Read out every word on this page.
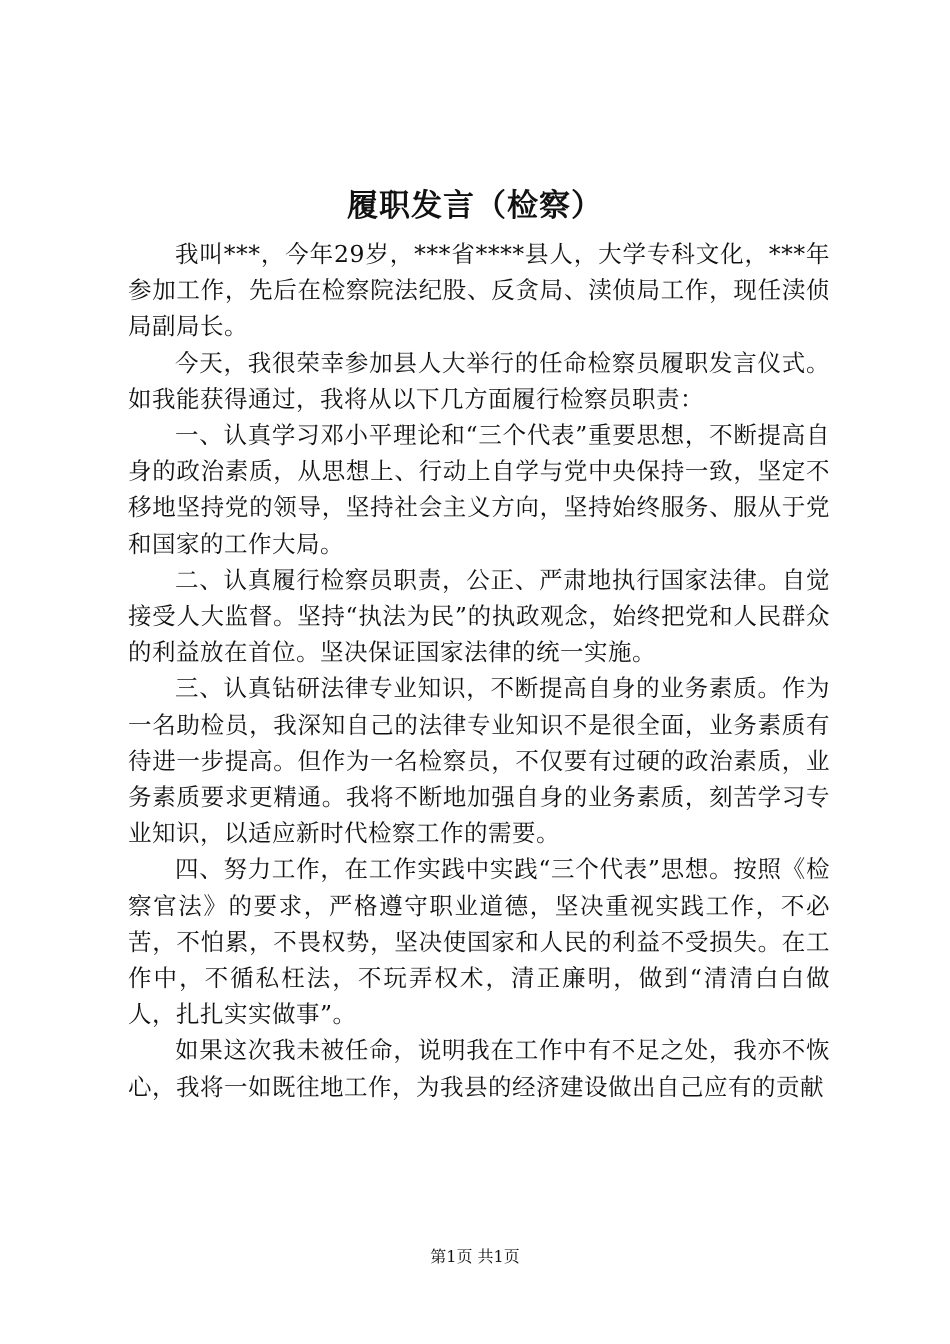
履职发言（检察）

我叫***，今年29岁，***省****县人，大学专科文化，***年参加工作，先后在检察院法纪股、反贪局、渎侦局工作，现任渎侦局副局长。

今天，我很荣幸参加县人大举行的任命检察员履职发言仪式。如我能获得通过，我将从以下几方面履行检察员职责：

一、认真学习邓小平理论和“三个代表”重要思想，不断提高自身的政治素质，从思想上、行动上自学与党中央保持一致，坚定不移地坚持党的领导，坚持社会主义方向，坚持始终服务、服从于党和国家的工作大局。

二、认真履行检察员职责，公正、严肃地执行国家法律。自觉接受人大监督。坚持“执法为民”的执政观念，始终把党和人民群众的利益放在首位。坚决保证国家法律的统一实施。

三、认真钻研法律专业知识，不断提高自身的业务素质。作为一名助检员，我深知自己的法律专业知识不是很全面，业务素质有待进一步提高。但作为一名检察员，不仅要有过硬的政治素质，业务素质要求更精通。我将不断地加强自身的业务素质，刻苦学习专业知识，以适应新时代检察工作的需要。

四、努力工作，在工作实践中实践“三个代表”思想。按照《检察官法》的要求，严格遵守职业道德，坚决重视实践工作，不必苦，不怕累，不畏权势，坚决使国家和人民的利益不受损失。在工作中，不循私枉法，不玩弄权术，清正廉明，做到“清清白白做人，扎扎实实做事”。

如果这次我未被任命，说明我在工作中有不足之处，我亦不恢心，我将一如既往地工作，为我县的经济建设做出自己应有的贡献

第1页 共1页
